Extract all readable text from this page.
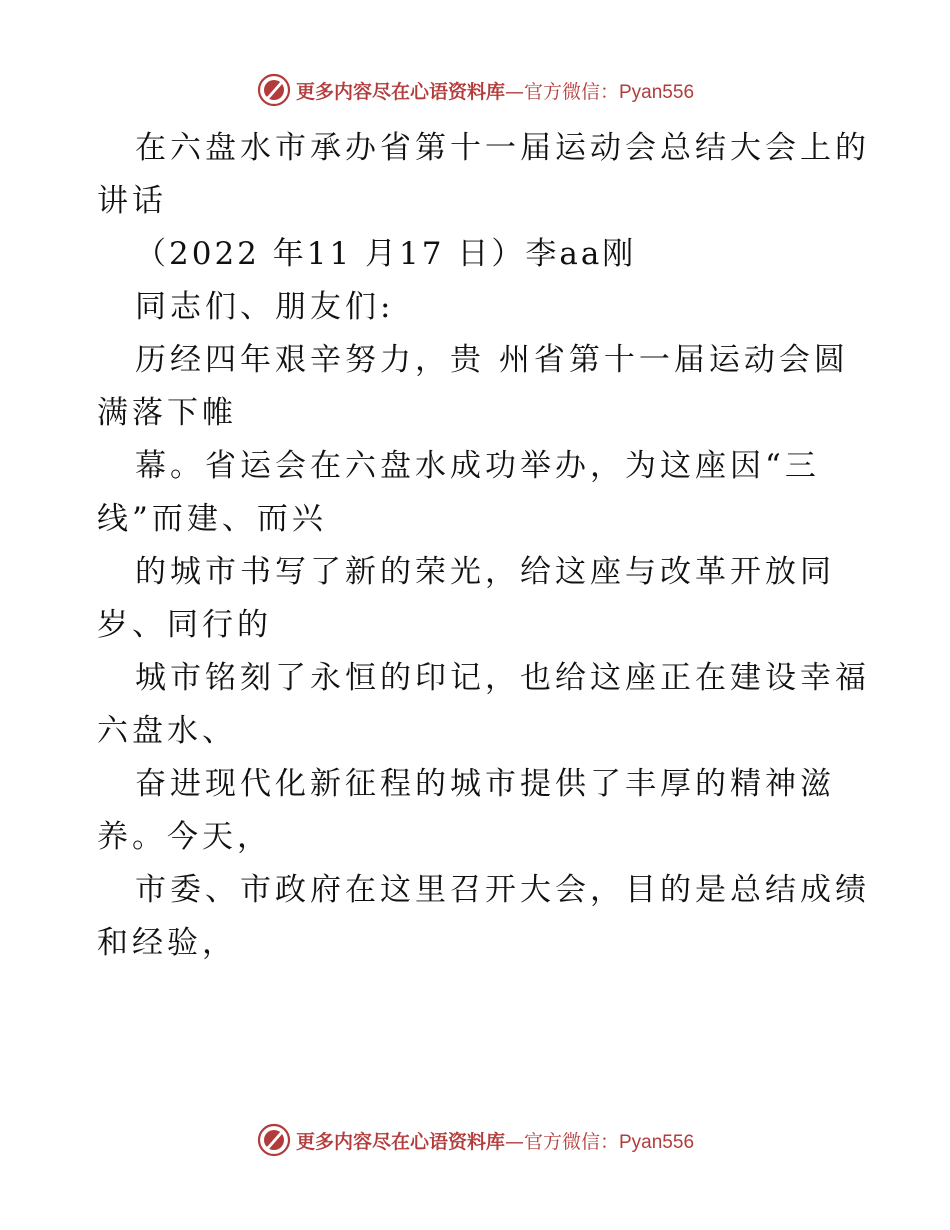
更多内容尽在心语资料库—官方微信：Pyan556

在六盘水市承办省第十一届运动会总结大会上的

讲话

（2022 年11 月17 日）李aa刚

同志们、朋友们:

历经四年艰辛努力，贵 州省第十一届运动会圆

满落下帷

幕。省运会在六盘水成功举办，为这座因“三

线”而建、而兴

的城市书写了新的荣光，给这座与改革开放同

岁、同行的

城市铭刻了永恒的印记，也给这座正在建设幸福

六盘水、

奋进现代化新征程的城市提供了丰厚的精神滋

养。今天，

市委、市政府在这里召开大会，目的是总结成绩

和经验，

更多内容尽在心语资料库—官方微信：Pyan556
